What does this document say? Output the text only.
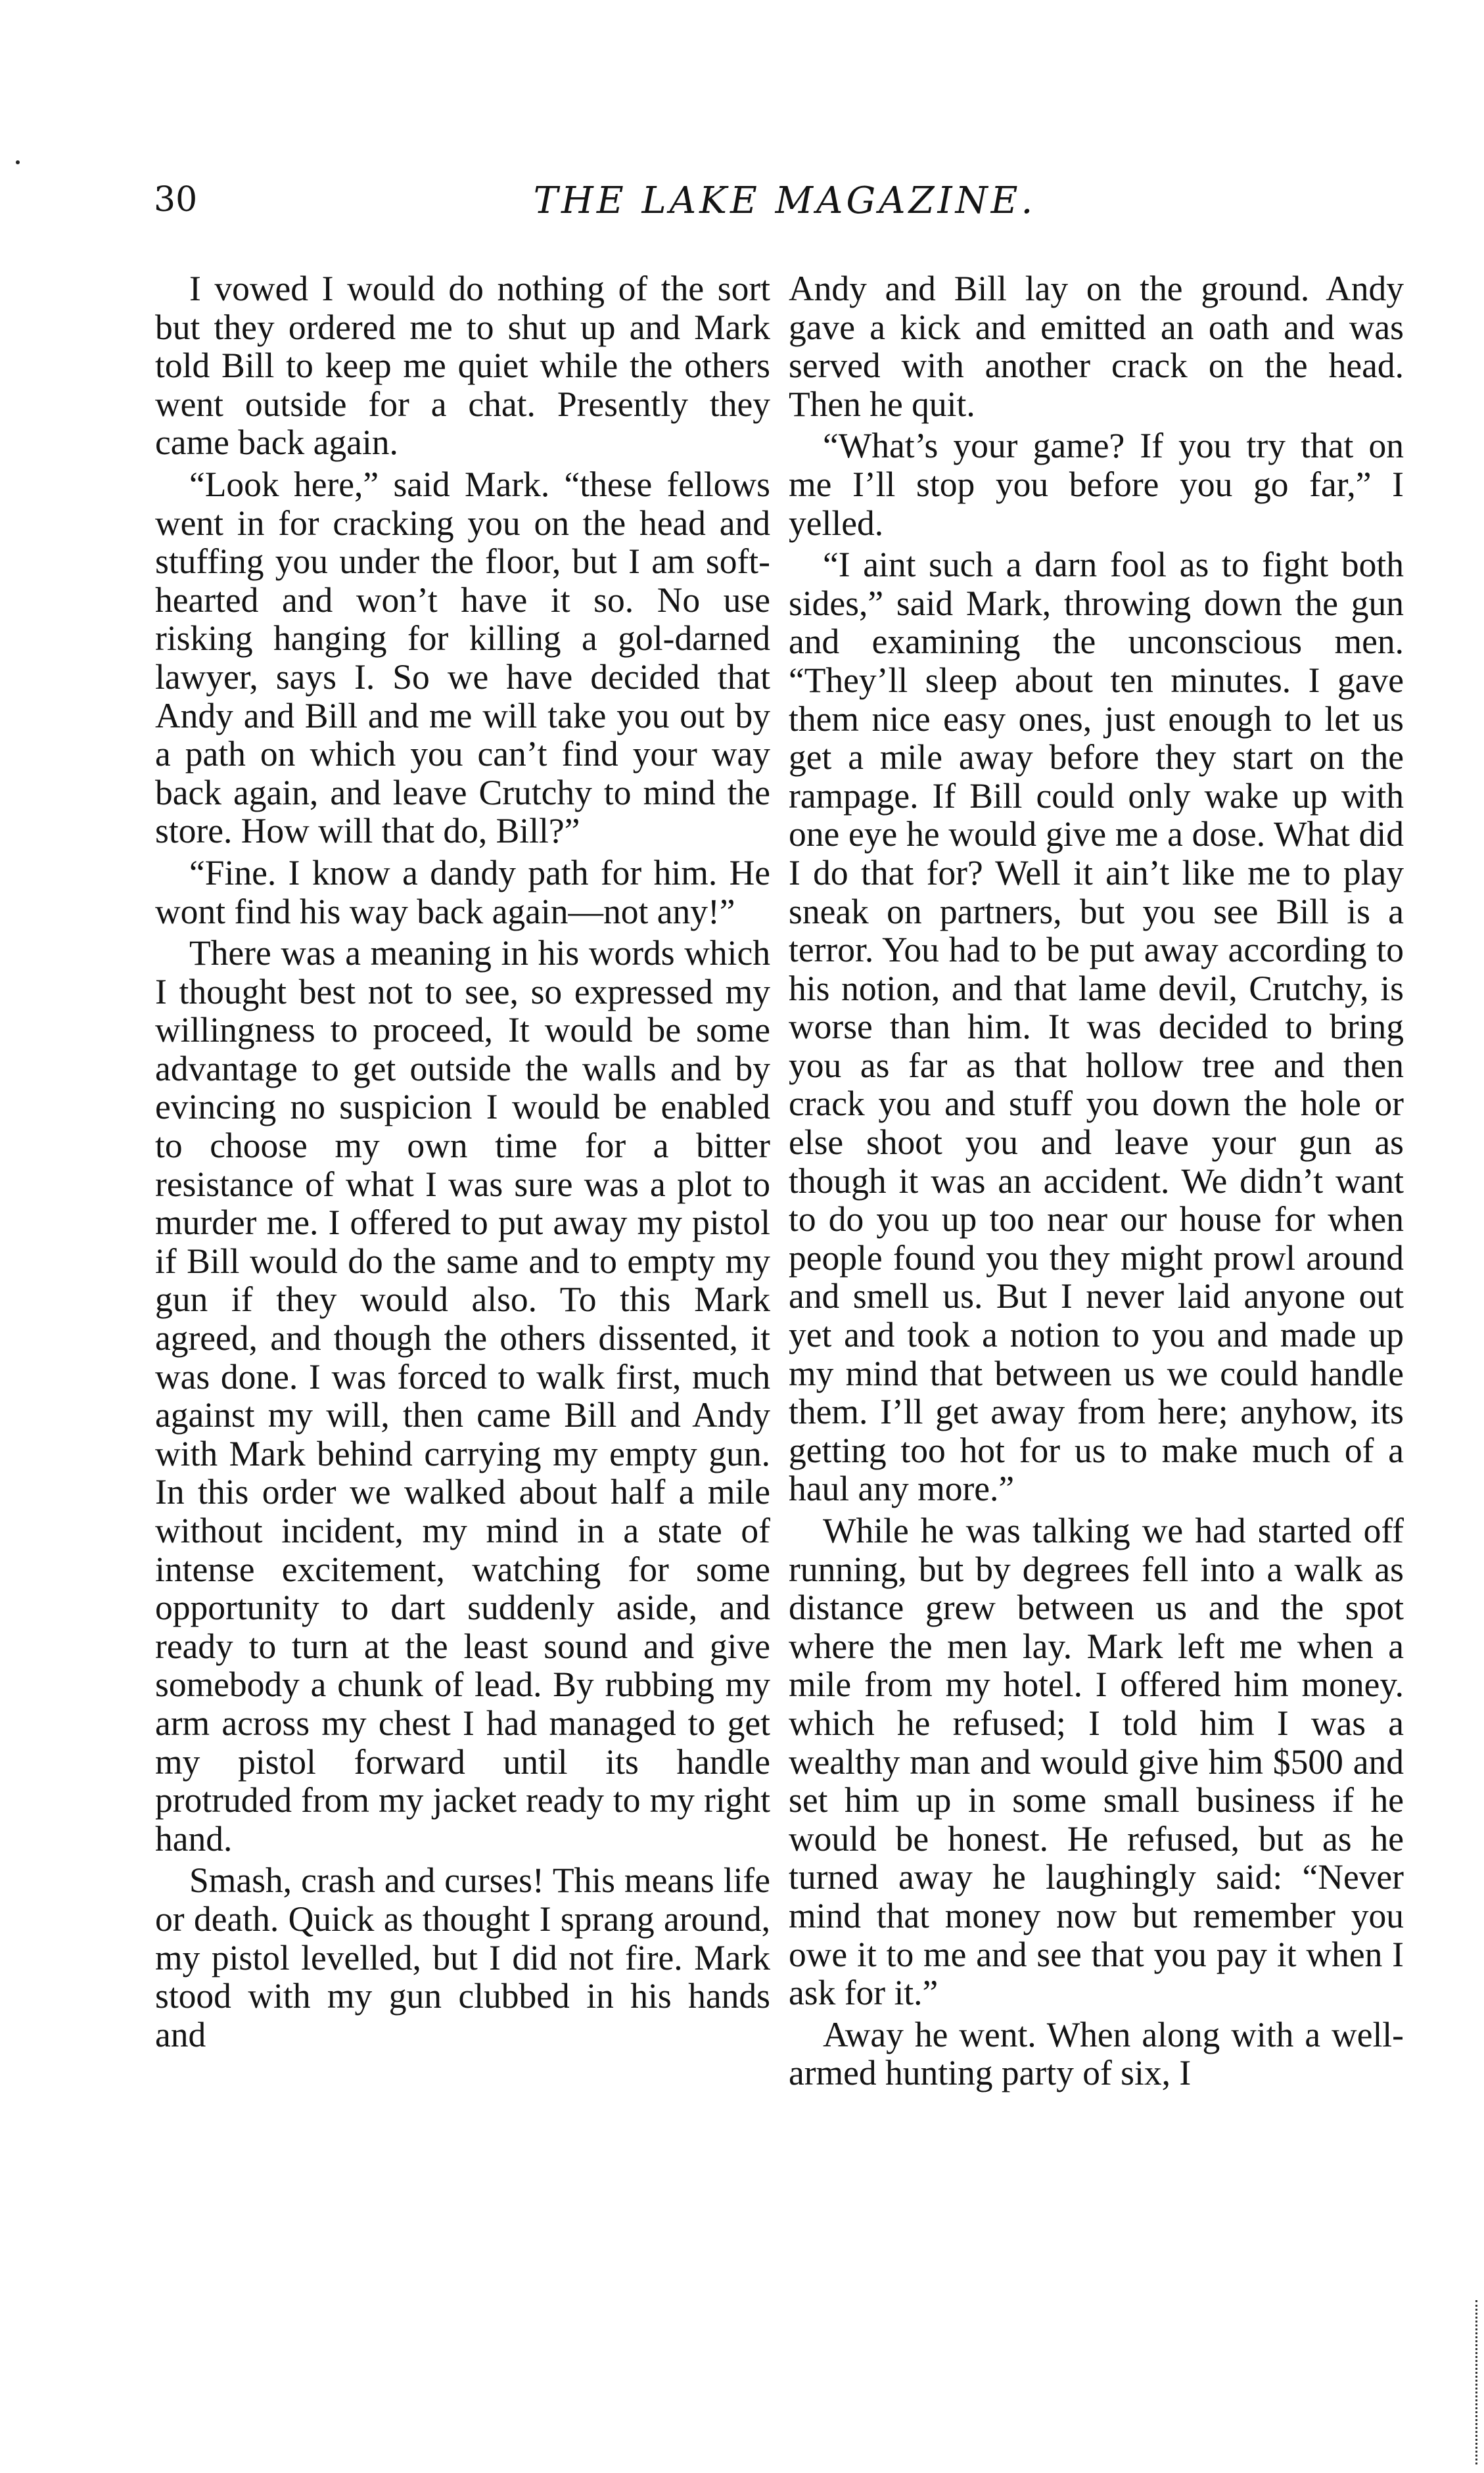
30	THE LAKE MAGAZINE.

I vowed I would do nothing of the sort but they ordered me to shut up and Mark told Bill to keep me quiet while the others went outside for a chat. Presently they came back again.

“Look here,” said Mark. “these fellows went in for cracking you on the head and stuffing you under the floor, but I am soft-hearted and won’t have it so. No use risking hanging for killing a gol-darned lawyer, says I. So we have decided that Andy and Bill and me will take you out by a path on which you can’t find your way back again, and leave Crutchy to mind the store. How will that do, Bill?”

“Fine. I know a dandy path for him. He wont find his way back again—not any!”

There was a meaning in his words which I thought best not to see, so expressed my willingness to proceed, It would be some advantage to get outside the walls and by evincing no suspicion I would be enabled to choose my own time for a bitter resistance of what I was sure was a plot to murder me. I offered to put away my pistol if Bill would do the same and to empty my gun if they would also. To this Mark agreed, and though the others dissented, it was done. I was forced to walk first, much against my will, then came Bill and Andy with Mark behind carrying my empty gun. In this order we walked about half a mile without incident, my mind in a state of intense excitement, watching for some opportunity to dart suddenly aside, and ready to turn at the least sound and give somebody a chunk of lead. By rubbing my arm across my chest I had managed to get my pistol forward until its handle protruded from my jacket ready to my right hand.

Smash, crash and curses! This means life or death. Quick as thought I sprang around, my pistol levelled, but I did not fire. Mark stood with my gun clubbed in his hands and

Andy and Bill lay on the ground. Andy gave a kick and emitted an oath and was served with another crack on the head. Then he quit.

“What’s your game? If you try that on me I’ll stop you before you go far,” I yelled.

“I aint such a darn fool as to fight both sides,” said Mark, throwing down the gun and examining the unconscious men. “They’ll sleep about ten minutes. I gave them nice easy ones, just enough to let us get a mile away before they start on the rampage. If Bill could only wake up with one eye he would give me a dose. What did I do that for? Well it ain’t like me to play sneak on partners, but you see Bill is a terror. You had to be put away according to his notion, and that lame devil, Crutchy, is worse than him. It was decided to bring you as far as that hollow tree and then crack you and stuff you down the hole or else shoot you and leave your gun as though it was an accident. We didn’t want to do you up too near our house for when people found you they might prowl around and smell us. But I never laid anyone out yet and took a notion to you and made up my mind that between us we could handle them. I’ll get away from here; anyhow, its getting too hot for us to make much of a haul any more.”

While he was talking we had started off running, but by degrees fell into a walk as distance grew between us and the spot where the men lay. Mark left me when a mile from my hotel. I offered him money. which he refused; I told him I was a wealthy man and would give him $500 and set him up in some small business if he would be honest. He refused, but as he turned away he laughingly said: “Never mind that money now but remember you owe it to me and see that you pay it when I ask for it.”

Away he went. When along with a well-armed hunting party of six, I
